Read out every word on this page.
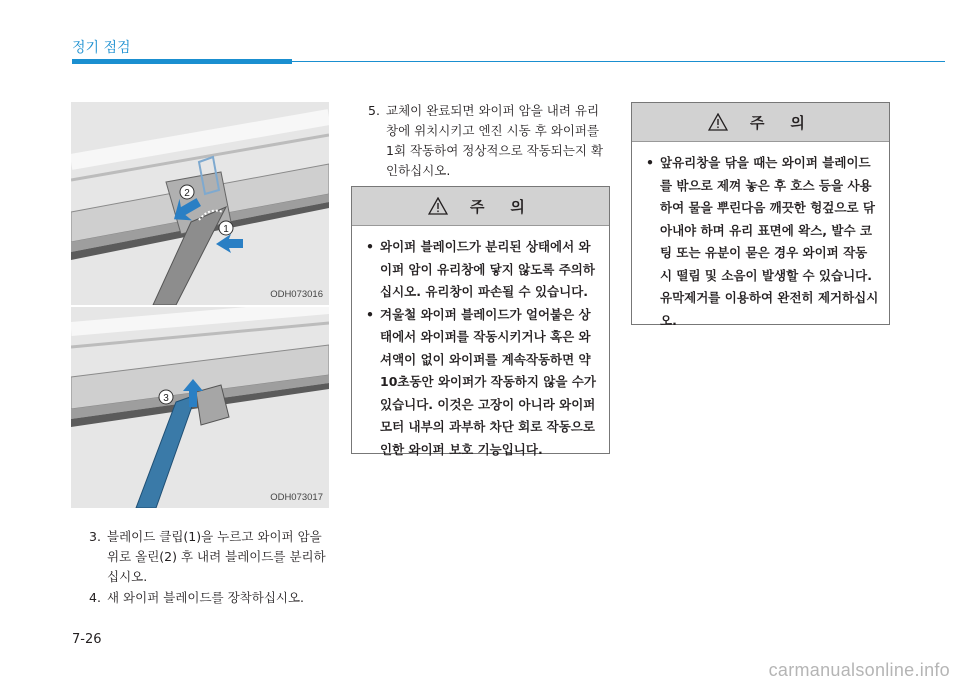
정기 점검
2
1
ODH073016
3
ODH073017
3. 블레이드 클립(1)을 누르고 와이퍼 암을 위로 올린(2) 후 내려 블레이드를 분리하십시오.
4. 새 와이퍼 블레이드를 장착하십시오.
5. 교체이 완료되면 와이퍼 암을 내려 유리창에 위치시키고 엔진 시동 후 와이퍼를 1회 작동하여 정상적으로 작동되는지 확인하십시오.
주    의
• 와이퍼 블레이드가 분리된 상태에서 와이퍼 암이 유리창에 닿지 않도록 주의하십시오. 유리창이 파손될 수 있습니다.
• 겨울철 와이퍼 블레이드가 얼어붙은 상태에서 와이퍼를 작동시키거나 혹은 와셔액이 없이 와이퍼를 계속작동하면 약 10초동안 와이퍼가 작동하지 않을 수가 있습니다. 이것은 고장이 아니라 와이퍼 모터 내부의 과부하 차단 회로 작동으로 인한 와이퍼 보호 기능입니다.
주    의
• 앞유리창을 닦을 때는 와이퍼 블레이드를 밖으로 제껴 놓은 후 호스 등을 사용하여 물을 뿌린다음 깨끗한 헝겊으로 닦아내야 하며 유리 표면에 왁스, 발수 코팅 또는 유분이 묻은 경우 와이퍼 작동 시 떨림 및 소음이 발생할 수 있습니다. 유막제거를 이용하여 완전히 제거하십시오.
7-26
carmanualsonline.info
